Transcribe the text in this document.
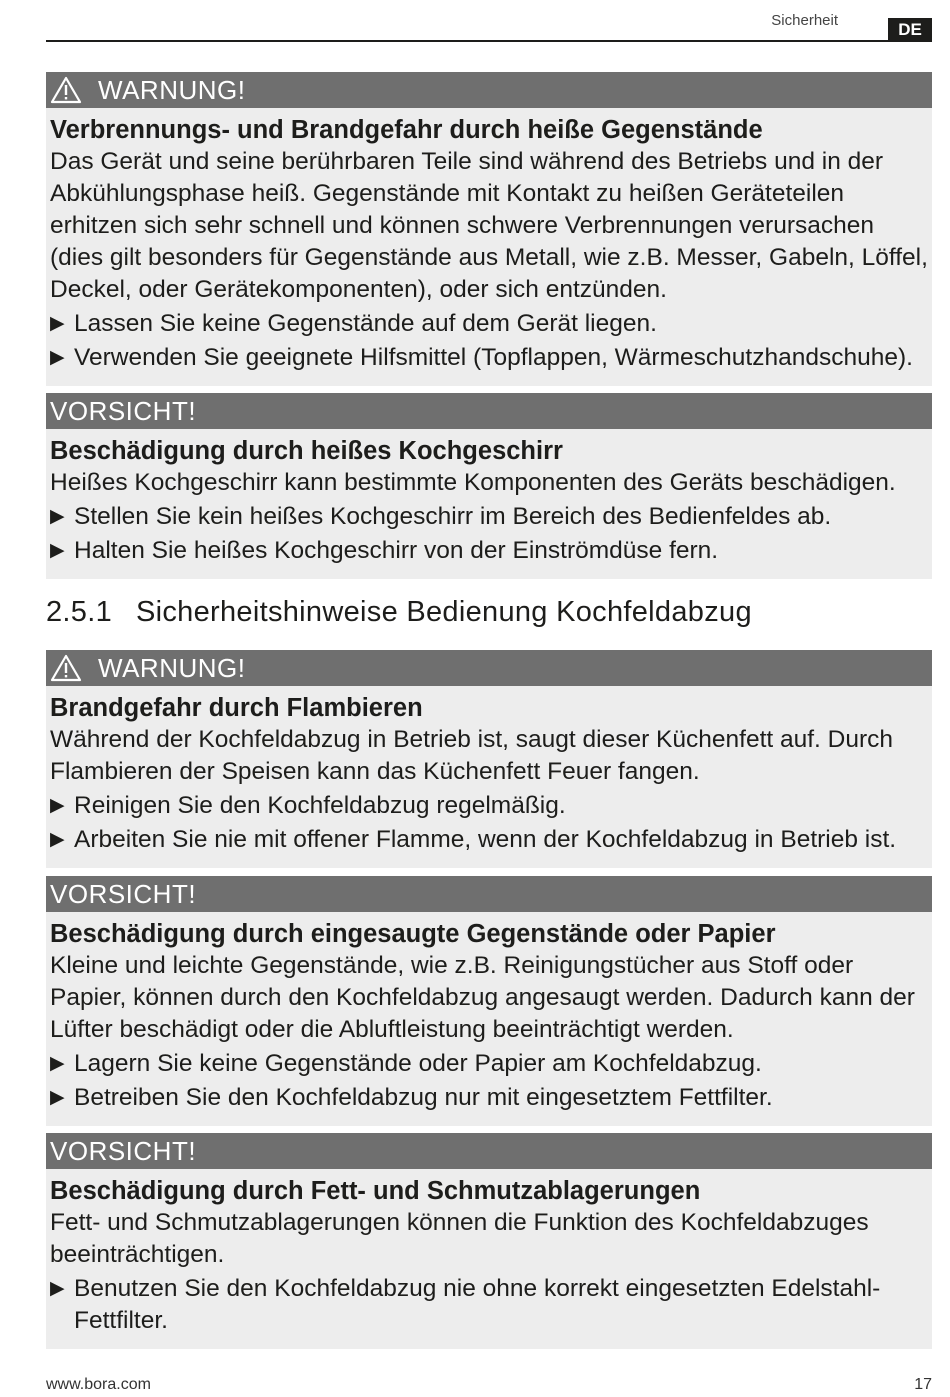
Sicherheit	DE
WARNUNG!
Verbrennungs- und Brandgefahr durch heiße Gegenstände
Das Gerät und seine berührbaren Teile sind während des Betriebs und in der Abkühlungsphase heiß. Gegenstände mit Kontakt zu heißen Geräteteilen erhitzen sich sehr schnell und können schwere Verbrennungen verursachen (dies gilt besonders für Gegenstände aus Metall, wie z.B. Messer, Gabeln, Löffel, Deckel, oder Gerätekomponenten), oder sich entzünden.
▶ Lassen Sie keine Gegenstände auf dem Gerät liegen.
▶ Verwenden Sie geeignete Hilfsmittel (Topflappen, Wärmeschutzhandschuhe).
VORSICHT!
Beschädigung durch heißes Kochgeschirr
Heißes Kochgeschirr kann bestimmte Komponenten des Geräts beschädigen.
▶ Stellen Sie kein heißes Kochgeschirr im Bereich des Bedienfeldes ab.
▶ Halten Sie heißes Kochgeschirr von der Einströmdüse fern.
2.5.1 Sicherheitshinweise Bedienung Kochfeldabzug
WARNUNG!
Brandgefahr durch Flambieren
Während der Kochfeldabzug in Betrieb ist, saugt dieser Küchenfett auf. Durch Flambieren der Speisen kann das Küchenfett Feuer fangen.
▶ Reinigen Sie den Kochfeldabzug regelmäßig.
▶ Arbeiten Sie nie mit offener Flamme, wenn der Kochfeldabzug in Betrieb ist.
VORSICHT!
Beschädigung durch eingesaugte Gegenstände oder Papier
Kleine und leichte Gegenstände, wie z.B. Reinigungstücher aus Stoff oder Papier, können durch den Kochfeldabzug angesaugt werden. Dadurch kann der Lüfter beschädigt oder die Abluftleistung beeinträchtigt werden.
▶ Lagern Sie keine Gegenstände oder Papier am Kochfeldabzug.
▶ Betreiben Sie den Kochfeldabzug nur mit eingesetztem Fettfilter.
VORSICHT!
Beschädigung durch Fett- und Schmutzablagerungen
Fett- und Schmutzablagerungen können die Funktion des Kochfeldabzuges beeinträchtigen.
▶ Benutzen Sie den Kochfeldabzug nie ohne korrekt eingesetzten Edelstahl-Fettfilter.
www.bora.com	17
